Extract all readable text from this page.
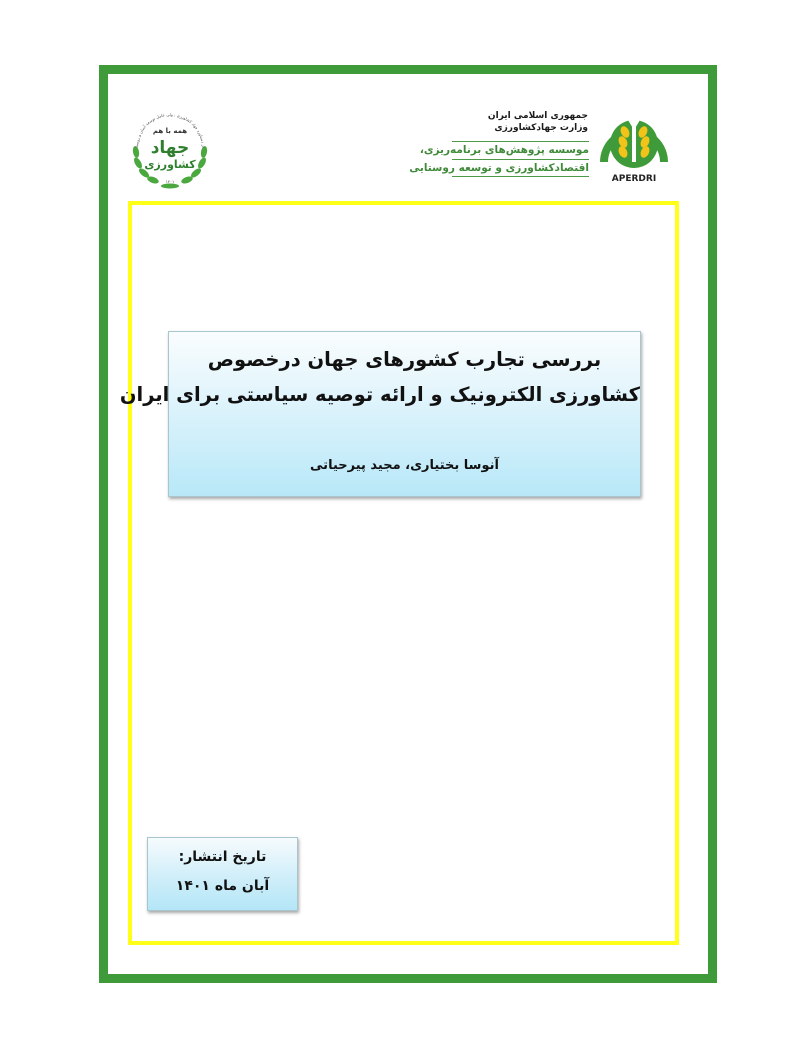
از دستاورد جهاد کشاورزی ، ولی عامل توسعه آسان و روستا
همه با هم
جهاد
کشاورزی
۱۴۰۱

جمهوری اسلامی ایران

وزارت جهادکشاورزی

موسسه پژوهش‌های برنامه‌ریزی،
اقتصادکشاورزی و توسعه روستایی
APERDRI

بررسی تجارب کشورهای جهان درخصوص

کشاورزی الکترونیک و ارائه توصیه سیاستی برای ایران

آنوسا بختیاری، مجید پیرحیاتی
تاریخ انتشار:
آبان ماه ۱۴۰۱
